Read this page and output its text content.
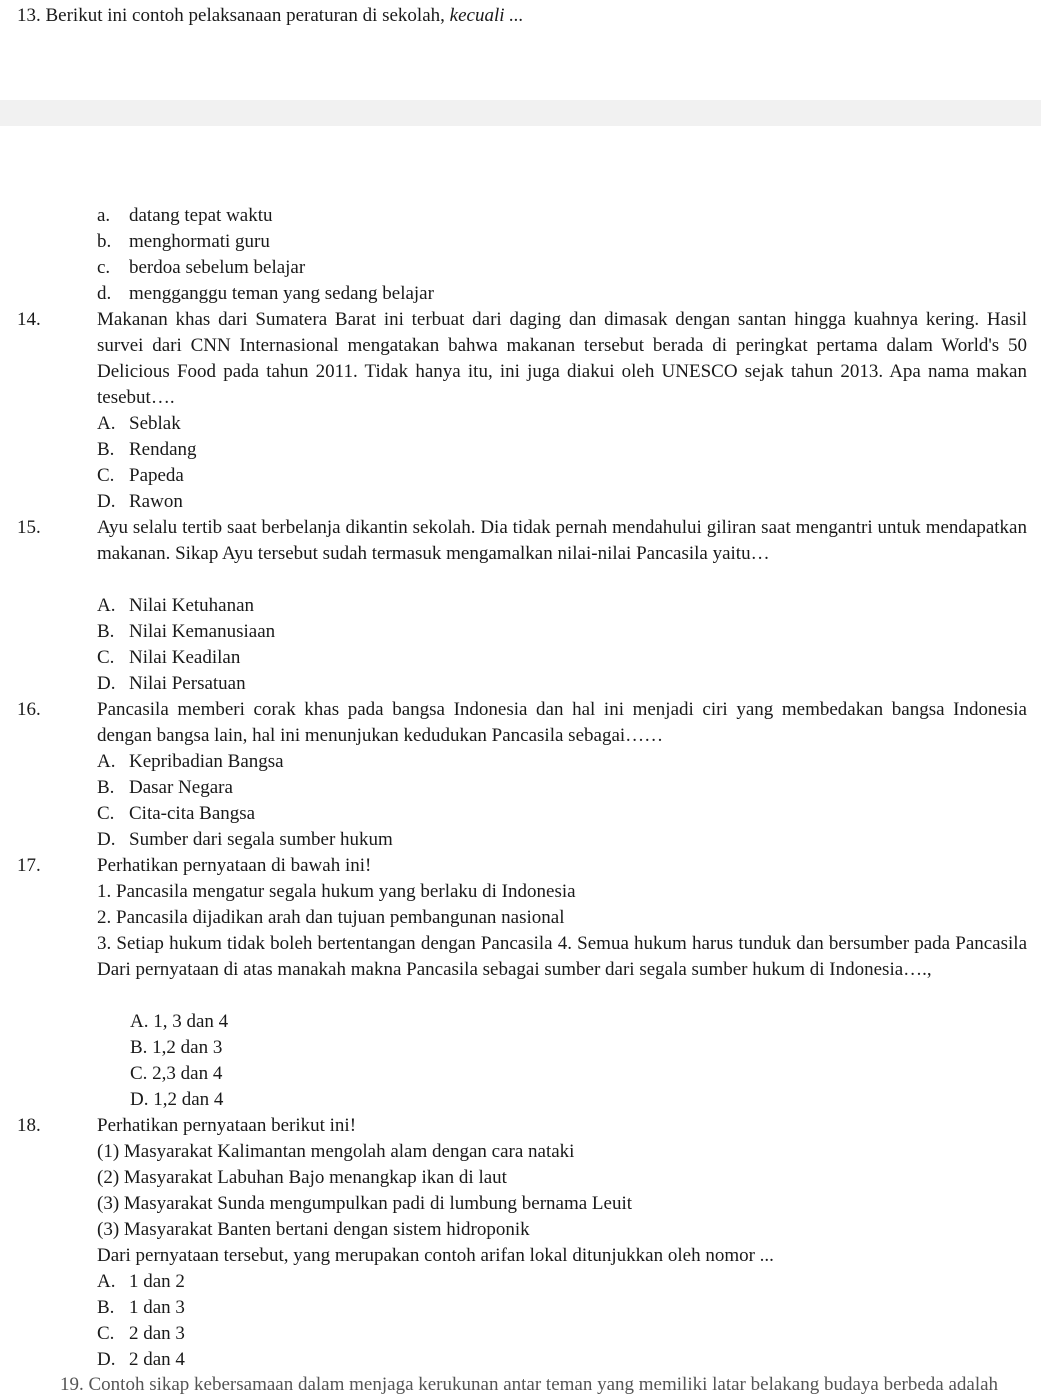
13. Berikut ini contoh pelaksanaan peraturan di sekolah, kecuali ...
a. datang tepat waktu
b. menghormati guru
c. berdoa sebelum belajar
d. mengganggu teman yang sedang belajar
14.	Makanan khas dari Sumatera Barat ini terbuat dari daging dan dimasak dengan santan hingga kuahnya kering. Hasil survei dari CNN Internasional mengatakan bahwa makanan tersebut berada di peringkat pertama dalam World's 50 Delicious Food pada tahun 2011. Tidak hanya itu, ini juga diakui oleh UNESCO sejak tahun 2013. Apa nama makan tesebut….
A. Seblak
B. Rendang
C. Papeda
D. Rawon
15.	Ayu selalu tertib saat berbelanja dikantin sekolah. Dia tidak pernah mendahului giliran saat mengantri untuk mendapatkan makanan. Sikap Ayu tersebut sudah termasuk mengamalkan nilai-nilai Pancasila yaitu…
A. Nilai Ketuhanan
B. Nilai Kemanusiaan
C. Nilai Keadilan
D. Nilai Persatuan
16.	Pancasila memberi corak khas pada bangsa Indonesia dan hal ini menjadi ciri yang membedakan bangsa Indonesia dengan bangsa lain, hal ini menunjukan kedudukan Pancasila sebagai……
A. Kepribadian Bangsa
B. Dasar Negara
C. Cita-cita Bangsa
D. Sumber dari segala sumber hukum
17.	Perhatikan pernyataan di bawah ini!
1. Pancasila mengatur segala hukum yang berlaku di Indonesia
2. Pancasila dijadikan arah dan tujuan pembangunan nasional
3. Setiap hukum tidak boleh bertentangan dengan Pancasila 4. Semua hukum harus tunduk dan bersumber pada Pancasila Dari pernyataan di atas manakah makna Pancasila sebagai sumber dari segala sumber hukum di Indonesia….,
A. 1, 3 dan 4
B. 1,2 dan 3
C. 2,3 dan 4
D. 1,2 dan 4
18.	Perhatikan pernyataan berikut ini!
(1) Masyarakat Kalimantan mengolah alam dengan cara nataki
(2) Masyarakat Labuhan Bajo menangkap ikan di laut
(3) Masyarakat Sunda mengumpulkan padi di lumbung bernama Leuit
(3) Masyarakat Banten bertani dengan sistem hidroponik
Dari pernyataan tersebut, yang merupakan contoh arifan lokal ditunjukkan oleh nomor ...
A. 1 dan 2
B. 1 dan 3
C. 2 dan 3
D. 2 dan 4
19. Contoh sikap kebersamaan dalam menjaga kerukunan antar teman yang memiliki latar belakang budaya berbeda adalah
